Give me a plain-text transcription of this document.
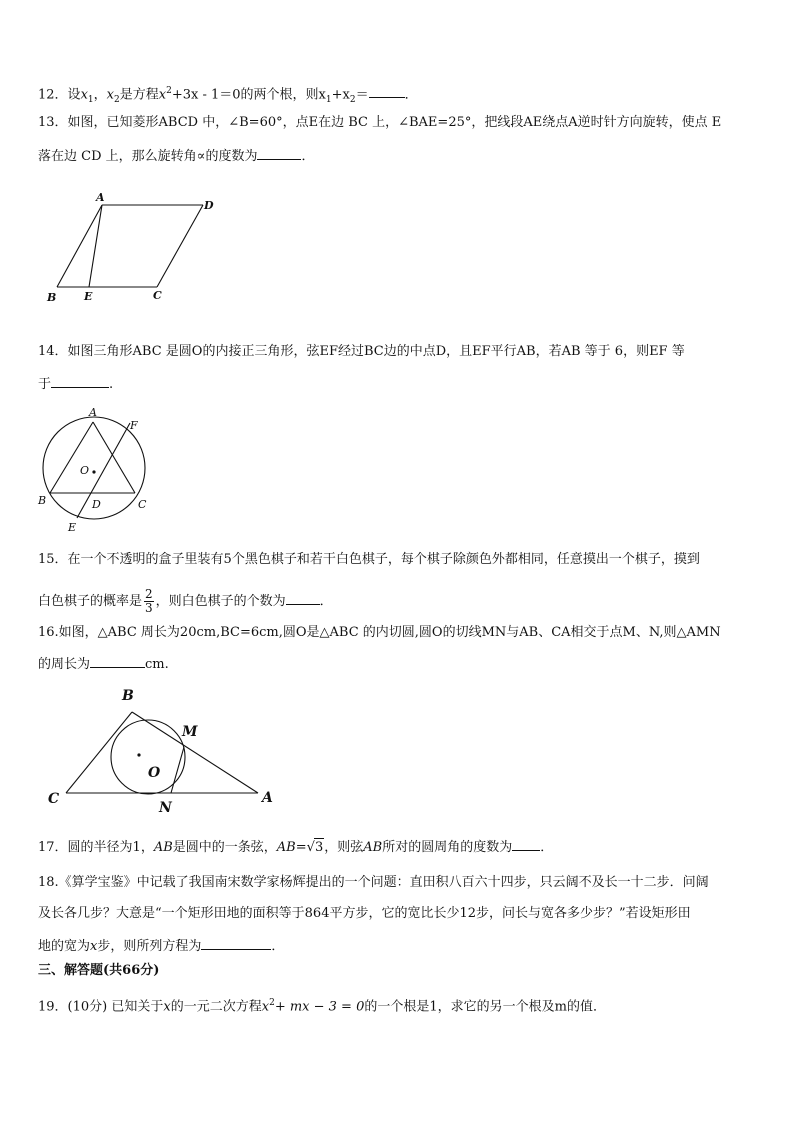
12．设$x_1$，$x_2$是方程$x^2+3x - 1=0$的两个根，则$x_1+x_2=$	．
13．如图，已知菱形ABCD 中，∠B=60°，点E在边 BC 上，∠BAE=25°，把线段AE绕点A逆时针方向旋转，使点 E
落在边 CD 上，那么旋转角∝的度数为	．
A
D
B	E	C
14．如图三角形ABC 是圆O的内接正三角形，弦EF经过BC边的中点D，且EF平行AB，若AB 等于 6，则EF 等
于	.
A
F
O
B	D	C
E
15．在一个不透明的盒子里装有5个黑色棋子和若干白色棋子，每个棋子除颜色外都相同，任意摸出一个棋子，摸到
白色棋子的概率是 $\frac{2}{3}$ ，则白色棋子的个数为	．
16.如图，△ABC 周长为20cm,BC=6cm,圆O是△ABC 的内切圆,圆O的切线MN与AB、CA相交于点M、N,则△AMN
的周长为	cm.
B
M
O
C
N
A
17．圆的半径为1，AB是圆中的一条弦，AB=√3，则弦AB所对的圆周角的度数为 ．
18.《算学宝鉴》中记载了我国南宋数学家杨辉提出的一个问题：直田积八百六十四步，只云阔不及长一十二步．问阔
及长各几步？大意是“一个矩形田地的面积等于864平方步，它的宽比长少12步，问长与宽各多少步？”若设矩形田
地的宽为x步，则所列方程为	．
三、解答题(共66分)
19．(10分) 已知关于x的一元二次方程$x^2+$ mx − 3 = 0的一个根是1，求它的另一个根及m的值．
